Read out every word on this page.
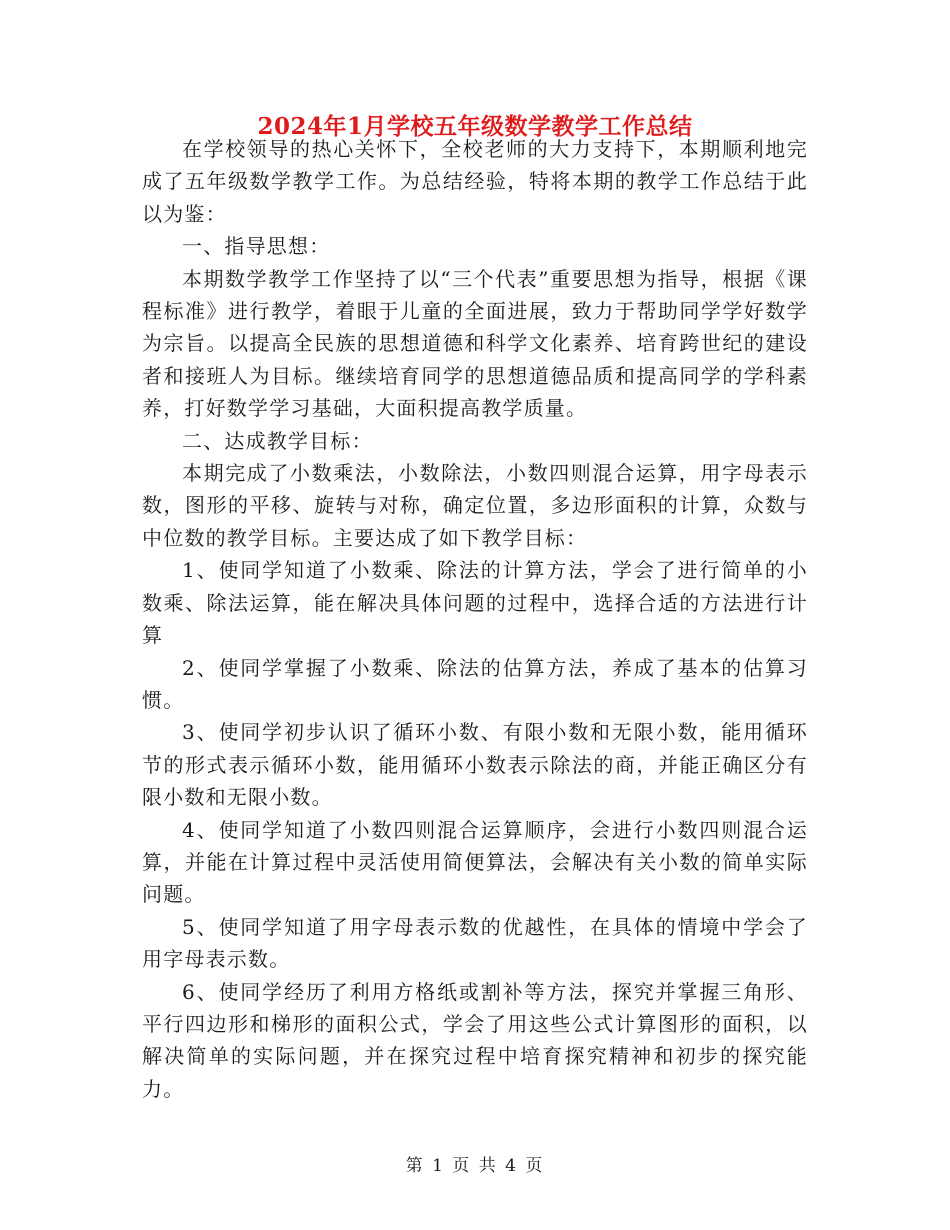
2024年1月学校五年级数学教学工作总结

在学校领导的热心关怀下，全校老师的大力支持下，本期顺利地完成了五年级数学教学工作。为总结经验，特将本期的教学工作总结于此以为鉴：

一、指导思想：

本期数学教学工作坚持了以“三个代表”重要思想为指导，根据《课程标准》进行教学，着眼于儿童的全面进展，致力于帮助同学学好数学为宗旨。以提高全民族的思想道德和科学文化素养、培育跨世纪的建设者和接班人为目标。继续培育同学的思想道德品质和提高同学的学科素养，打好数学学习基础，大面积提高教学质量。

二、达成教学目标：

本期完成了小数乘法，小数除法，小数四则混合运算，用字母表示数，图形的平移、旋转与对称，确定位置，多边形面积的计算，众数与中位数的教学目标。主要达成了如下教学目标：

1、使同学知道了小数乘、除法的计算方法，学会了进行简单的小数乘、除法运算，能在解决具体问题的过程中，选择合适的方法进行计算

2、使同学掌握了小数乘、除法的估算方法，养成了基本的估算习惯。

3、使同学初步认识了循环小数、有限小数和无限小数，能用循环节的形式表示循环小数，能用循环小数表示除法的商，并能正确区分有限小数和无限小数。

4、使同学知道了小数四则混合运算顺序，会进行小数四则混合运算，并能在计算过程中灵活使用简便算法，会解决有关小数的简单实际问题。

5、使同学知道了用字母表示数的优越性，在具体的情境中学会了用字母表示数。

6、使同学经历了利用方格纸或割补等方法，探究并掌握三角形、平行四边形和梯形的面积公式，学会了用这些公式计算图形的面积，以解决简单的实际问题，并在探究过程中培育探究精神和初步的探究能力。

第 1 页 共 4 页
